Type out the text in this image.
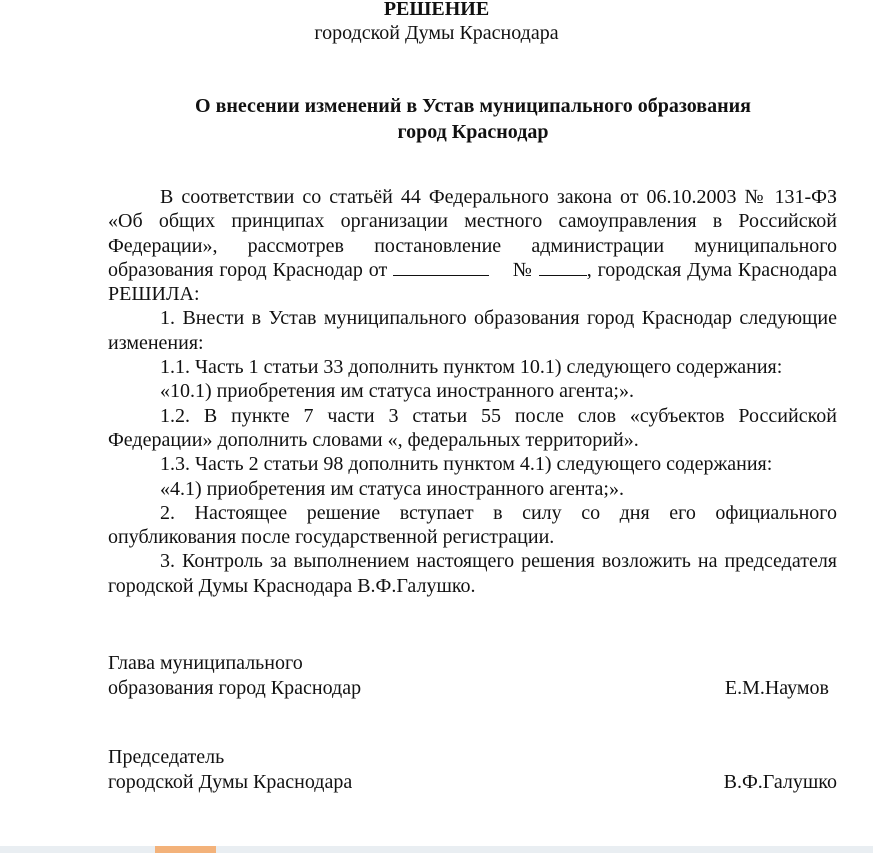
РЕШЕНИЕ
городской Думы Краснодара
О внесении изменений в Устав муниципального образования
город Краснодар

В соответствии со статьёй 44 Федерального закона от 06.10.2003 № 131-ФЗ «Об общих принципах организации местного самоуправления в Российской Федерации», рассмотрев постановление администрации муниципального образования город Краснодар от	№	, городская Дума Краснодара РЕШИЛА:

1. Внести в Устав муниципального образования город Краснодар следующие изменения:

1.1. Часть 1 статьи 33 дополнить пунктом 10.1) следующего содержания:

«10.1) приобретения им статуса иностранного агента;».

1.2. В пункте 7 части 3 статьи 55 после слов «субъектов Российской Федерации» дополнить словами «, федеральных территорий».

1.3. Часть 2 статьи 98 дополнить пунктом 4.1) следующего содержания:

«4.1) приобретения им статуса иностранного агента;».

2. Настоящее решение вступает в силу со дня его официального опубликования после государственной регистрации.

3. Контроль за выполнением настоящего решения возложить на председателя городской Думы Краснодара В.Ф.Галушко.

Глава муниципального
образования город Краснодар	Е.М.Наумов
Председатель
городской Думы Краснодара	В.Ф.Галушко
